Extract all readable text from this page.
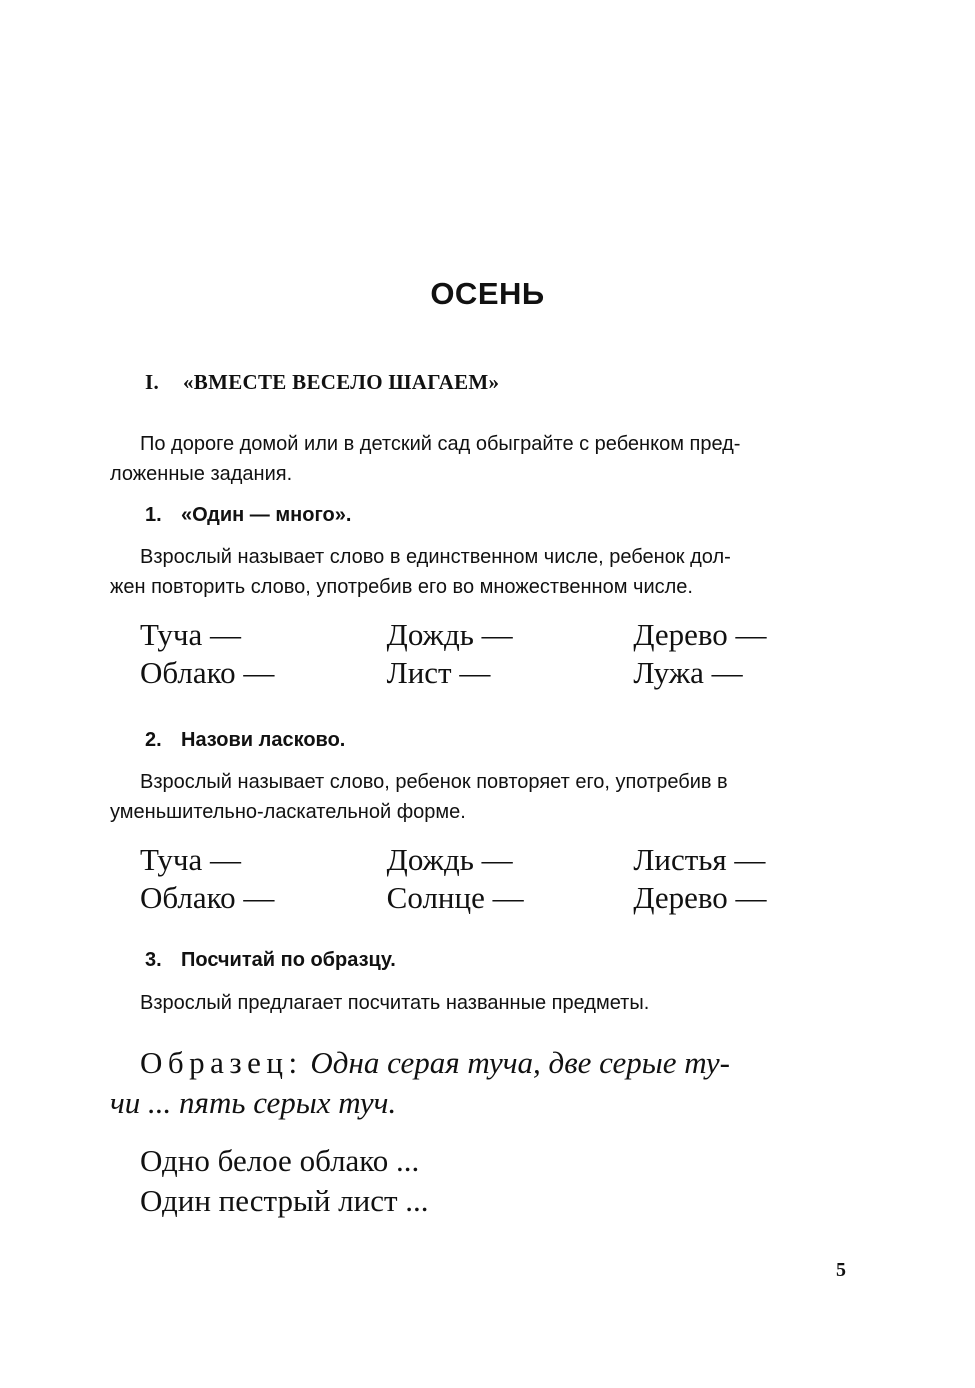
ОСЕНЬ
I. «ВМЕСТЕ ВЕСЕЛО ШАГАЕМ»

По дороге домой или в детский сад обыграйте с ребенком пред-
ложенные задания.

1. «Один — много».

Взрослый называет слово в единственном числе, ребенок дол-
жен повторить слово, употребив его во множественном числе.

Туча —	Дождь —	Дерево —
Облако —	Лист —	Лужа —
2. Назови ласково.

Взрослый называет слово, ребенок повторяет его, употребив в
уменьшительно-ласкательной форме.

Туча —	Дождь —	Листья —
Облако —	Солнце —	Дерево —
3. Посчитай по образцу.

Взрослый предлагает посчитать названные предметы.

Образец: Одна серая туча, две серые ту-
чи ... пять серых туч.

Одно белое облако ...
Один пестрый лист ...
5
